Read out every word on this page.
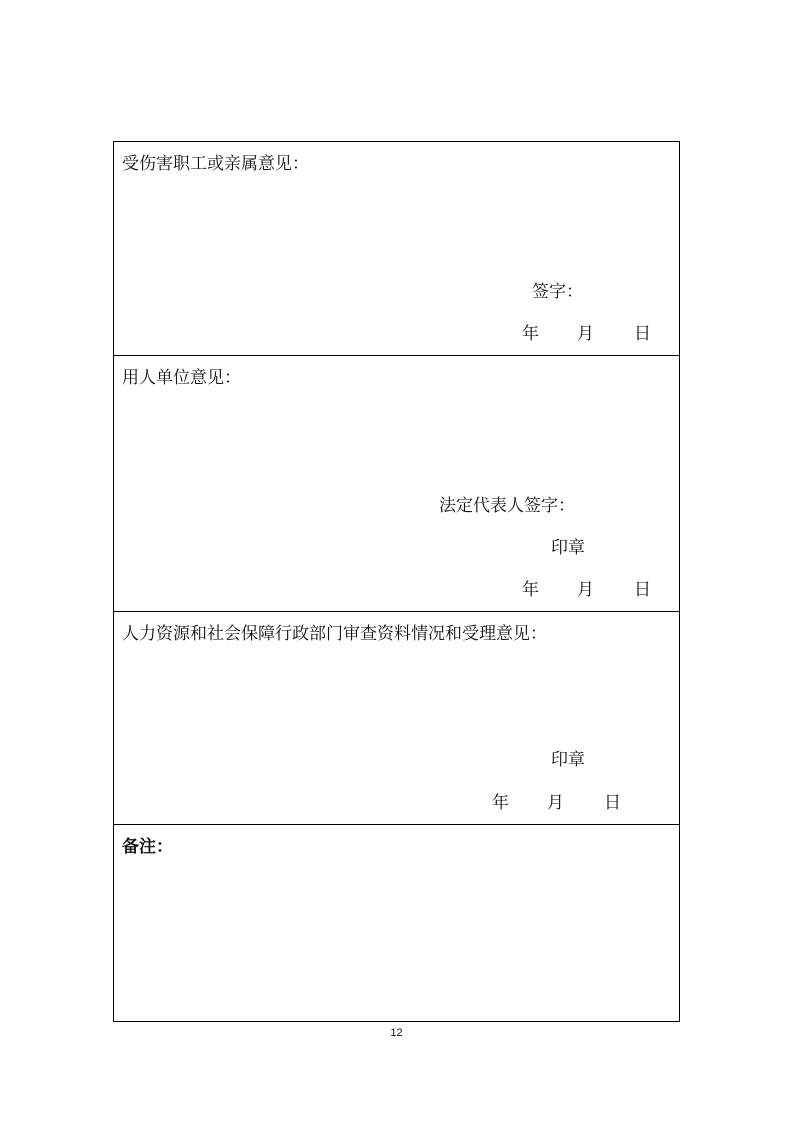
受伤害职工或亲属意见：
签字：
年 月 日
用人单位意见：
法定代表人签字：
印章
年 月 日
人力资源和社会保障行政部门审查资料情况和受理意见：
印章
年 月 日
备注：
12
